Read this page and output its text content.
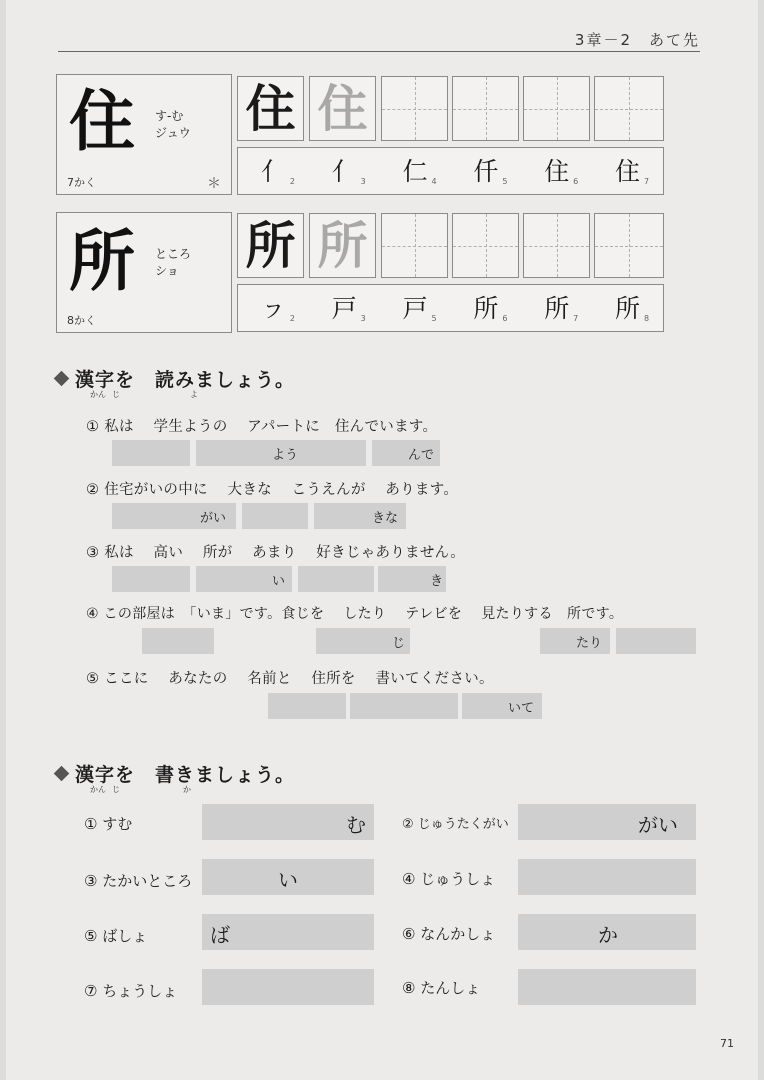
3章－2　あて先
住 す-む
ジュウ
7かく	＊
住 住
亻 2 亻 3 仁 4 仟 5 住 6 住 7
所 ところ
ショ
8かく
所 所
ㇷ 2 戸 3 戸 5 所 6 所 7 所 8
漢字を　読みましょう。
かん じ	よ
① 私は　 学生ようの　 アパートに　住んでいます。
よう	んで
② 住宅がいの中に　 大きな　 こうえんが　 あります。
がい	きな
③ 私は　 高い　 所が　 あまり　 好きじゃありません。
い	き
④ この部屋は　「いま」です。食じを　 したり　 テレビを　 見たりする　所です。
じ	たり
⑤ ここに　 あなたの　 名前と　 住所を　 書いてください。
いて
漢字を　書きましょう。
かん じ	か
① すむ	む	② じゅうたくがい	がい
③ たかいところ	い	④ じゅうしょ
⑤ ばしょ	ば	⑥ なんかしょ	か
⑦ ちょうしょ	⑧ たんしょ
71
